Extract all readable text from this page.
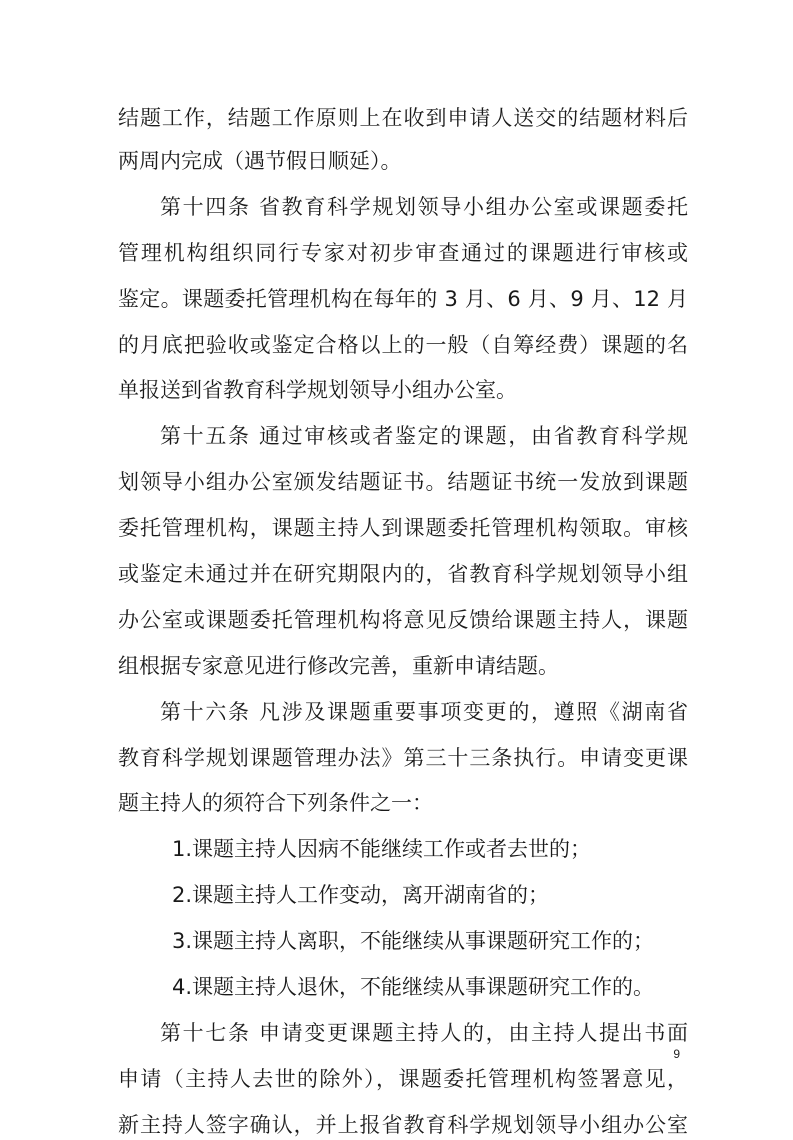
结题工作，结题工作原则上在收到申请人送交的结题材料后
两周内完成（遇节假日顺延）。
第十四条 省教育科学规划领导小组办公室或课题委托
管理机构组织同行专家对初步审查通过的课题进行审核或
鉴定。课题委托管理机构在每年的 3 月、6 月、9 月、12 月
的月底把验收或鉴定合格以上的一般（自筹经费）课题的名
单报送到省教育科学规划领导小组办公室。
第十五条 通过审核或者鉴定的课题，由省教育科学规
划领导小组办公室颁发结题证书。结题证书统一发放到课题
委托管理机构，课题主持人到课题委托管理机构领取。审核
或鉴定未通过并在研究期限内的，省教育科学规划领导小组
办公室或课题委托管理机构将意见反馈给课题主持人，课题
组根据专家意见进行修改完善，重新申请结题。
第十六条 凡涉及课题重要事项变更的，遵照《湖南省
教育科学规划课题管理办法》第三十三条执行。申请变更课
题主持人的须符合下列条件之一：
1.课题主持人因病不能继续工作或者去世的；
2.课题主持人工作变动，离开湖南省的；
3.课题主持人离职，不能继续从事课题研究工作的；
4.课题主持人退休，不能继续从事课题研究工作的。
第十七条 申请变更课题主持人的，由主持人提出书面
申请（主持人去世的除外），课题委托管理机构签署意见，
新主持人签字确认，并上报省教育科学规划领导小组办公室
9
